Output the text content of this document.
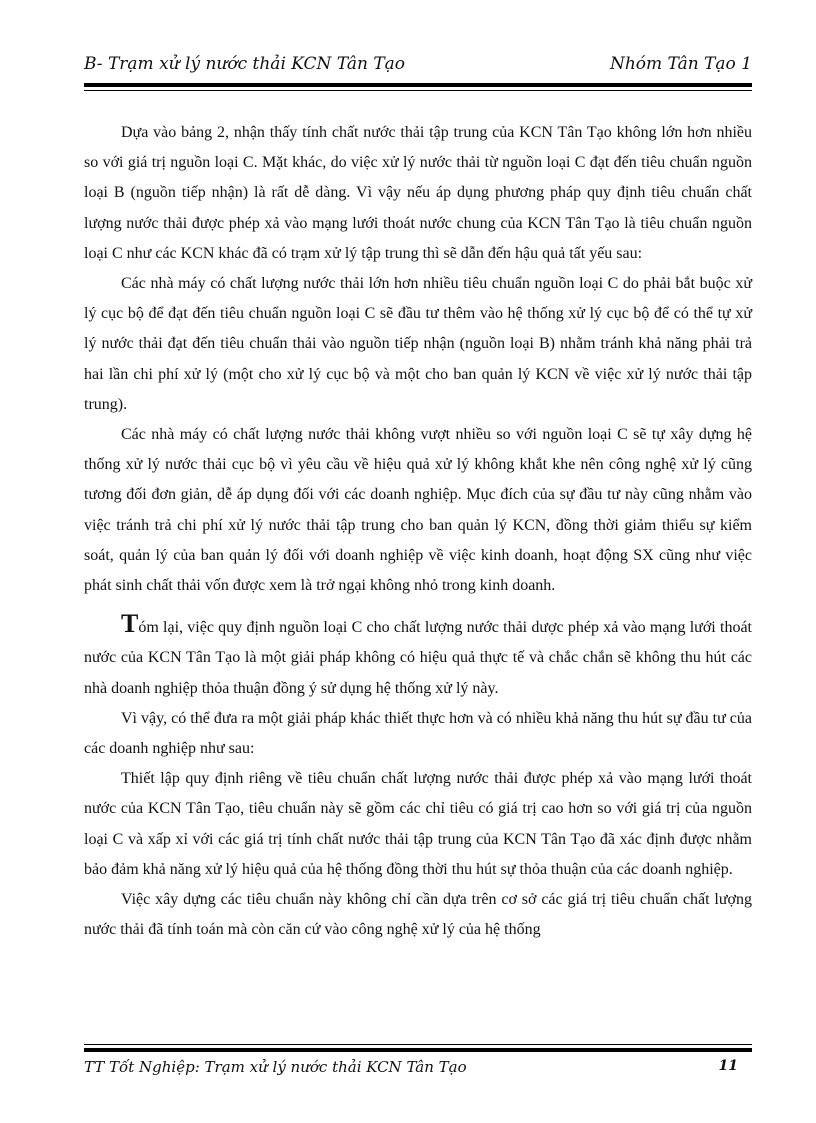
B- Trạm xử lý nước thải KCN Tân Tạo	Nhóm Tân Tạo 1

Dựa vào bảng 2, nhận thấy tính chất nước thải tập trung của KCN Tân Tạo không lớn hơn nhiều so với giá trị nguồn loại C. Mặt khác, do việc xử lý nước thải từ nguồn loại C đạt đến tiêu chuẩn nguồn loại B (nguồn tiếp nhận) là rất dễ dàng. Vì vậy nếu áp dụng phương pháp quy định tiêu chuẩn chất lượng nước thải được phép xả vào mạng lưới thoát nước chung của KCN Tân Tạo là tiêu chuẩn nguồn loại C như các KCN khác đã có trạm xử lý tập trung thì sẽ dẫn đến hậu quả tất yếu sau:

Các nhà máy có chất lượng nước thải lớn hơn nhiều tiêu chuẩn nguồn loại C do phải bắt buộc xử lý cục bộ để đạt đến tiêu chuẩn nguồn loại C sẽ đầu tư thêm vào hệ thống xử lý cục bộ để có thể tự xử lý nước thải đạt đến tiêu chuẩn thải vào nguồn tiếp nhận (nguồn loại B) nhằm tránh khả năng phải trả hai lần chi phí xử lý (một cho xử lý cục bộ và một cho ban quản lý KCN về việc xử lý nước thải tập trung).

Các nhà máy có chất lượng nước thải không vượt nhiều so với nguồn loại C sẽ tự xây dựng hệ thống xử lý nước thải cục bộ vì yêu cầu về hiệu quả xử lý không khắt khe nên công nghệ xử lý cũng tương đối đơn giản, dễ áp dụng đối với các doanh nghiệp. Mục đích của sự đầu tư này cũng nhằm vào việc tránh trả chi phí xử lý nước thải tập trung cho ban quản lý KCN, đồng thời giảm thiểu sự kiểm soát, quản lý của ban quản lý đối với doanh nghiệp về việc kinh doanh, hoạt động SX cũng như việc phát sinh chất thải vốn được xem là trở ngại không nhỏ trong kinh doanh.

Tóm lại, việc quy định nguồn loại C cho chất lượng nước thải dược phép xả vào mạng lưới thoát nước của KCN Tân Tạo là một giải pháp không có hiệu quả thực tế và chắc chắn sẽ không thu hút các nhà doanh nghiệp thỏa thuận đồng ý sử dụng hệ thống xử lý này.

Vì vậy, có thể đưa ra một giải pháp khác thiết thực hơn và có nhiều khả năng thu hút sự đầu tư của các doanh nghiệp như sau:

Thiết lập quy định riêng về tiêu chuẩn chất lượng nước thải được phép xả vào mạng lưới thoát nước của KCN Tân Tạo, tiêu chuẩn này sẽ gồm các chỉ tiêu có giá trị cao hơn so với giá trị của nguồn loại C và xấp xỉ với các giá trị tính chất nước thải tập trung của KCN Tân Tạo đã xác định được nhằm bảo đảm khả năng xử lý hiệu quả của hệ thống đồng thời thu hút sự thỏa thuận của các doanh nghiệp.

Việc xây dựng các tiêu chuẩn này không chỉ cần dựa trên cơ sở các giá trị tiêu chuẩn chất lượng nước thải đã tính toán mà còn căn cứ vào công nghệ xử lý của hệ thống

TT Tốt Nghiệp: Trạm xử lý nước thải KCN Tân Tạo	11
